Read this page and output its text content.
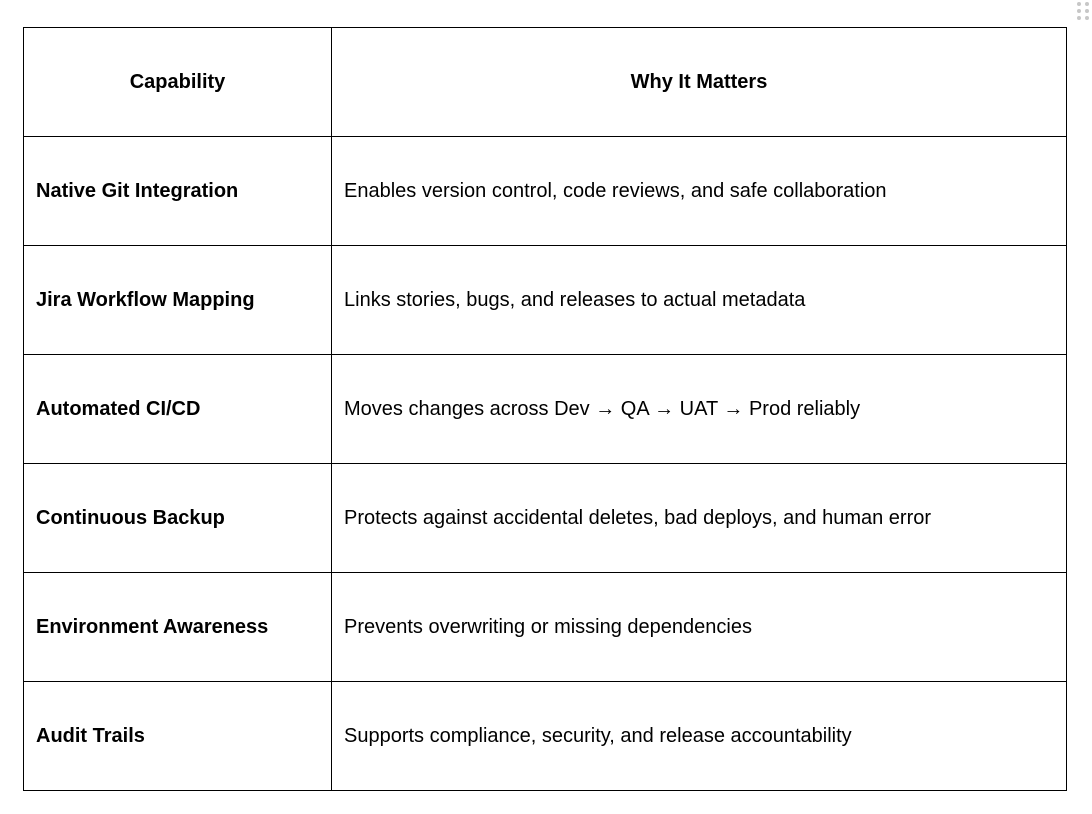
Capability	Why It Matters
Native Git Integration	Enables version control, code reviews, and safe collaboration
Jira Workflow Mapping	Links stories, bugs, and releases to actual metadata
Automated CI/CD	Moves changes across Dev → QA → UAT → Prod reliably
Continuous Backup	Protects against accidental deletes, bad deploys, and human error
Environment Awareness	Prevents overwriting or missing dependencies
Audit Trails	Supports compliance, security, and release accountability
